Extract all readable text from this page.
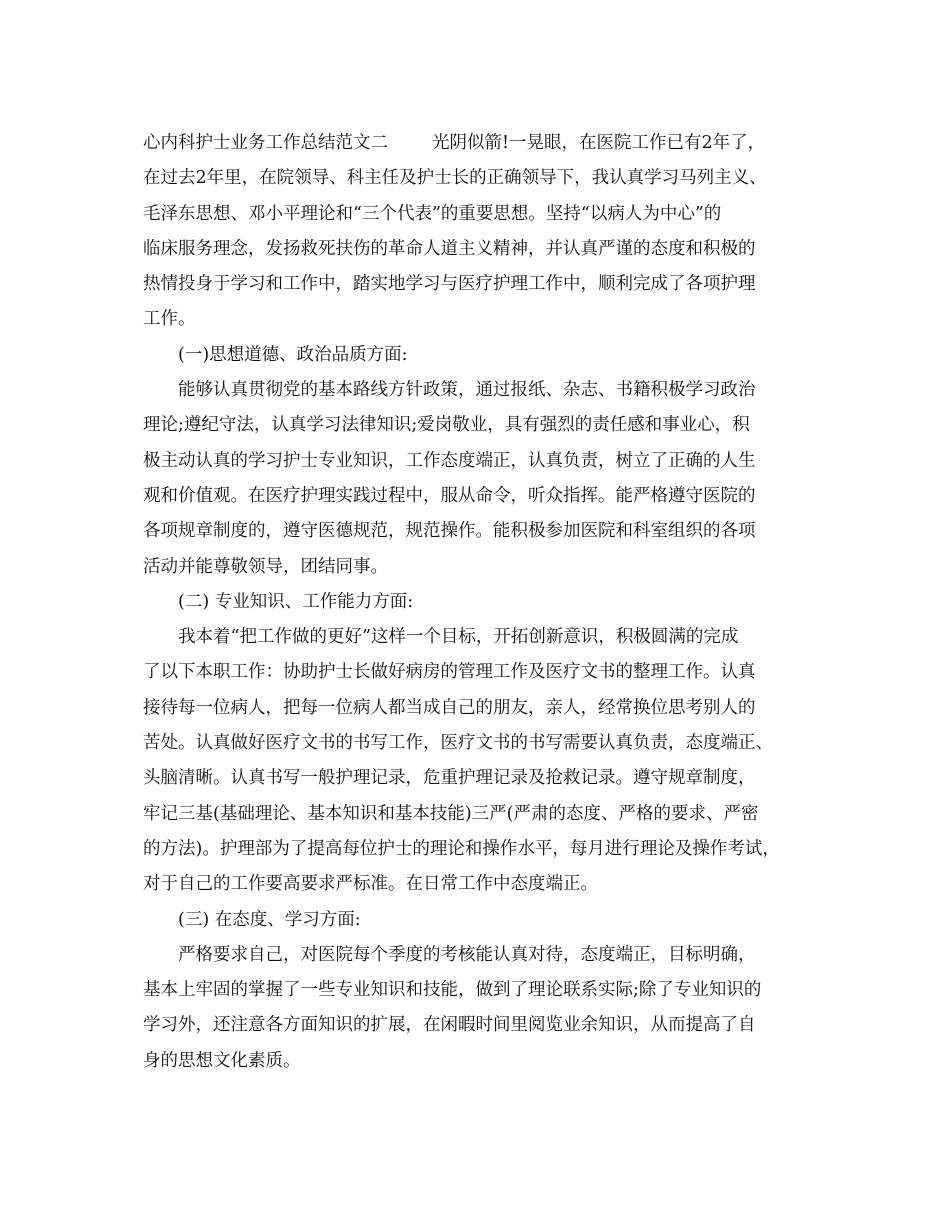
心内科护士业务工作总结范文二	光阴似箭!一晃眼，在医院工作已有2年了，
在过去2年里，在院领导、科主任及护士长的正确领导下，我认真学习马列主义、
毛泽东思想、邓小平理论和“三个代表”的重要思想。坚持“以病人为中心”的
临床服务理念，发扬救死扶伤的革命人道主义精神，并认真严谨的态度和积极的
热情投身于学习和工作中，踏实地学习与医疗护理工作中，顺利完成了各项护理
工作。
(一)思想道德、政治品质方面:
能够认真贯彻党的基本路线方针政策，通过报纸、杂志、书籍积极学习政治
理论;遵纪守法，认真学习法律知识;爱岗敬业，具有强烈的责任感和事业心，积
极主动认真的学习护士专业知识，工作态度端正，认真负责，树立了正确的人生
观和价值观。在医疗护理实践过程中，服从命令，听众指挥。能严格遵守医院的
各项规章制度的，遵守医德规范，规范操作。能积极参加医院和科室组织的各项
活动并能尊敬领导，团结同事。
(二) 专业知识、工作能力方面:
我本着“把工作做的更好”这样一个目标，开拓创新意识，积极圆满的完成
了以下本职工作：协助护士长做好病房的管理工作及医疗文书的整理工作。认真
接待每一位病人，把每一位病人都当成自己的朋友，亲人，经常换位思考别人的
苦处。认真做好医疗文书的书写工作，医疗文书的书写需要认真负责，态度端正、
头脑清晰。认真书写一般护理记录，危重护理记录及抢救记录。遵守规章制度，
牢记三基(基础理论、基本知识和基本技能)三严(严肃的态度、严格的要求、严密
的方法)。护理部为了提高每位护士的理论和操作水平，每月进行理论及操作考试，
对于自己的工作要高要求严标准。在日常工作中态度端正。
(三) 在态度、学习方面:
严格要求自己，对医院每个季度的考核能认真对待，态度端正，目标明确，
基本上牢固的掌握了一些专业知识和技能，做到了理论联系实际;除了专业知识的
学习外，还注意各方面知识的扩展，在闲暇时间里阅览业余知识，从而提高了自
身的思想文化素质。
